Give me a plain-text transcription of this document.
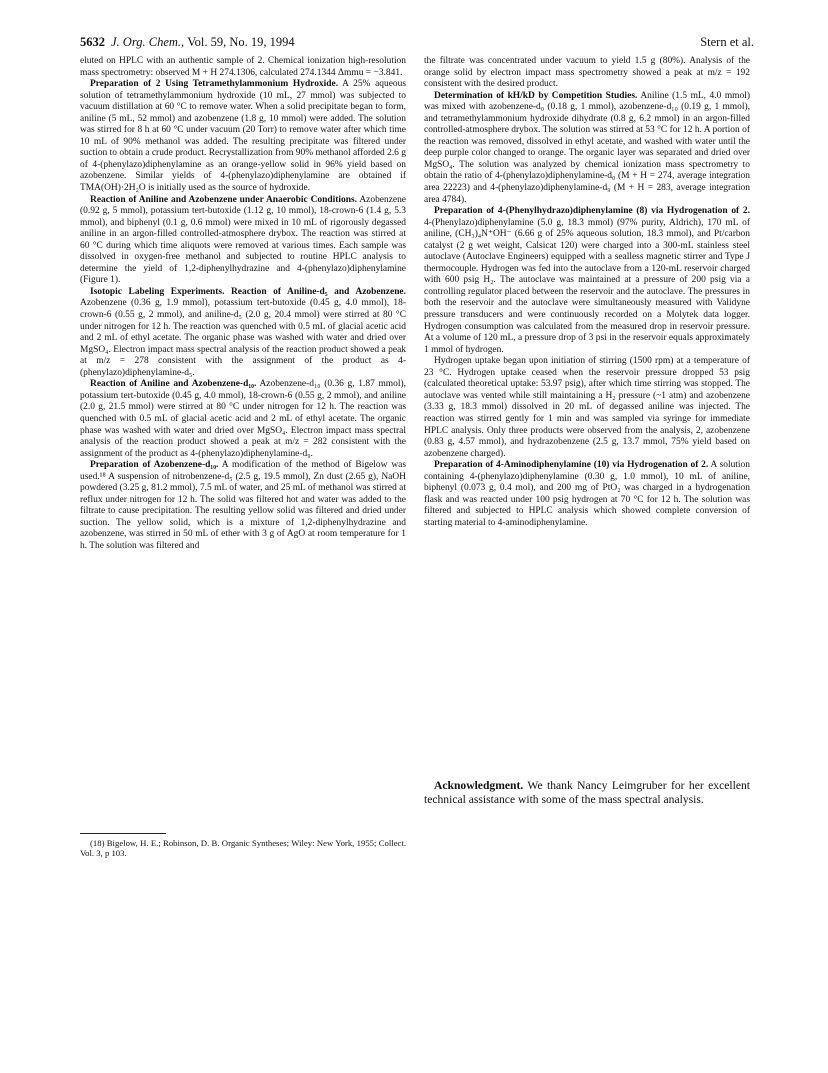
5632 J. Org. Chem., Vol. 59, No. 19, 1994	Stern et al.

eluted on HPLC with an authentic sample of 2. Chemical ionization high-resolution mass spectrometry: observed M + H 274.1306, calculated 274.1344 Δmmu = −3.841.

Preparation of 2 Using Tetramethylammonium Hydroxide. A 25% aqueous solution of tetramethylammonium hydroxide (10 mL, 27 mmol) was subjected to vacuum distillation at 60 °C to remove water. When a solid precipitate began to form, aniline (5 mL, 52 mmol) and azobenzene (1.8 g, 10 mmol) were added. The solution was stirred for 8 h at 60 °C under vacuum (20 Torr) to remove water after which time 10 mL of 90% methanol was added. The resulting precipitate was filtered under suction to obtain a crude product. Recrystallization from 90% methanol afforded 2.6 g of 4-(phenylazo)diphenylamine as an orange-yellow solid in 96% yield based on azobenzene. Similar yields of 4-(phenylazo)diphenylamine are obtained if TMA(OH)·2H₂O is initially used as the source of hydroxide.

Reaction of Aniline and Azobenzene under Anaerobic Conditions. Azobenzene (0.92 g, 5 mmol), potassium tert-butoxide (1.12 g, 10 mmol), 18-crown-6 (1.4 g, 5.3 mmol), and biphenyl (0.1 g, 0.6 mmol) were mixed in 10 mL of rigorously degassed aniline in an argon-filled controlled-atmosphere drybox. The reaction was stirred at 60 °C during which time aliquots were removed at various times. Each sample was dissolved in oxygen-free methanol and subjected to routine HPLC analysis to determine the yield of 1,2-diphenylhydrazine and 4-(phenylazo)diphenylamine (Figure 1).

Isotopic Labeling Experiments. Reaction of Aniline-d₅ and Azobenzene. Azobenzene (0.36 g, 1.9 mmol), potassium tert-butoxide (0.45 g, 4.0 mmol), 18-crown-6 (0.55 g, 2 mmol), and aniline-d₅ (2.0 g, 20.4 mmol) were stirred at 80 °C under nitrogen for 12 h. The reaction was quenched with 0.5 mL of glacial acetic acid and 2 mL of ethyl acetate. The organic phase was washed with water and dried over MgSO₄. Electron impact mass spectral analysis of the reaction product showed a peak at m/z = 278 consistent with the assignment of the product as 4-(phenylazo)diphenylamine-d₅.

Reaction of Aniline and Azobenzene-d₁₀. Azobenzene-d₁₀ (0.36 g, 1.87 mmol), potassium tert-butoxide (0.45 g, 4.0 mmol), 18-crown-6 (0.55 g, 2 mmol), and aniline (2.0 g, 21.5 mmol) were stirred at 80 °C under nitrogen for 12 h. The reaction was quenched with 0.5 mL of glacial acetic acid and 2 mL of ethyl acetate. The organic phase was washed with water and dried over MgSO₄. Electron impact mass spectral analysis of the reaction product showed a peak at m/z = 282 consistent with the assignment of the product as 4-(phenylazo)diphenylamine-d₉.

Preparation of Azobenzene-d₁₀. A modification of the method of Bigelow was used.¹⁸ A suspension of nitrobenzene-d₅ (2.5 g, 19.5 mmol), Zn dust (2.65 g), NaOH powdered (3.25 g, 81.2 mmol), 7.5 mL of water, and 25 mL of methanol was stirred at reflux under nitrogen for 12 h. The solid was filtered hot and water was added to the filtrate to cause precipitation. The resulting yellow solid was filtered and dried under suction. The yellow solid, which is a mixture of 1,2-diphenylhydrazine and azobenzene, was stirred in 50 mL of ether with 3 g of AgO at room temperature for 1 h. The solution was filtered and

(18) Bigelow, H. E.; Robinson, D. B. Organic Syntheses; Wiley: New York, 1955; Collect. Vol. 3, p 103.

the filtrate was concentrated under vacuum to yield 1.5 g (80%). Analysis of the orange solid by electron impact mass spectrometry showed a peak at m/z = 192 consistent with the desired product.

Determination of kH/kD by Competition Studies. Aniline (1.5 mL, 4.0 mmol) was mixed with azobenzene-d₀ (0.18 g, 1 mmol), azobenzene-d₁₀ (0.19 g, 1 mmol), and tetramethylammonium hydroxide dihydrate (0.8 g, 6.2 mmol) in an argon-filled controlled-atmosphere drybox. The solution was stirred at 53 °C for 12 h. A portion of the reaction was removed, dissolved in ethyl acetate, and washed with water until the deep purple color changed to orange. The organic layer was separated and dried over MgSO₄. The solution was analyzed by chemical ionization mass spectrometry to obtain the ratio of 4-(phenylazo)diphenylamine-d₀ (M + H = 274, average integration area 22223) and 4-(phenylazo)diphenylamine-d₉ (M + H = 283, average integration area 4784).

Preparation of 4-(Phenylhydrazo)diphenylamine (8) via Hydrogenation of 2. 4-(Phenylazo)diphenylamine (5.0 g, 18.3 mmol) (97% purity, Aldrich), 170 mL of aniline, (CH₃)₄N⁺OH⁻ (6.66 g of 25% aqueous solution, 18.3 mmol), and Pt/carbon catalyst (2 g wet weight, Calsicat 120) were charged into a 300-mL stainless steel autoclave (Autoclave Engineers) equipped with a sealless magnetic stirrer and Type J thermocouple. Hydrogen was fed into the autoclave from a 120-mL reservoir charged with 600 psig H₂. The autoclave was maintained at a pressure of 200 psig via a controlling regulator placed between the reservoir and the autoclave. The pressures in both the reservoir and the autoclave were simultaneously measured with Validyne pressure transducers and were continuously recorded on a Molytek data logger. Hydrogen consumption was calculated from the measured drop in reservoir pressure. At a volume of 120 mL, a pressure drop of 3 psi in the reservoir equals approximately 1 mmol of hydrogen.

Hydrogen uptake began upon initiation of stirring (1500 rpm) at a temperature of 23 °C. Hydrogen uptake ceased when the reservoir pressure dropped 53 psig (calculated theoretical uptake: 53.97 psig), after which time stirring was stopped. The autoclave was vented while still maintaining a H₂ pressure (~1 atm) and azobenzene (3.33 g, 18.3 mmol) dissolved in 20 mL of degassed aniline was injected. The reaction was stirred gently for 1 min and was sampled via syringe for immediate HPLC analysis. Only three products were observed from the analysis, 2, azobenzene (0.83 g, 4.57 mmol), and hydrazobenzene (2.5 g, 13.7 mmol, 75% yield based on azobenzene charged).

Preparation of 4-Aminodiphenylamine (10) via Hydrogenation of 2. A solution containing 4-(phenylazo)diphenylamine (0.30 g, 1.0 mmol), 10 mL of aniline, biphenyl (0.073 g, 0.4 mol), and 200 mg of PtO₂ was charged in a hydrogenation flask and was reacted under 100 psig hydrogen at 70 °C for 12 h. The solution was filtered and subjected to HPLC analysis which showed complete conversion of starting material to 4-aminodiphenylamine.

Acknowledgment. We thank Nancy Leimgruber for her excellent technical assistance with some of the mass spectral analysis.
